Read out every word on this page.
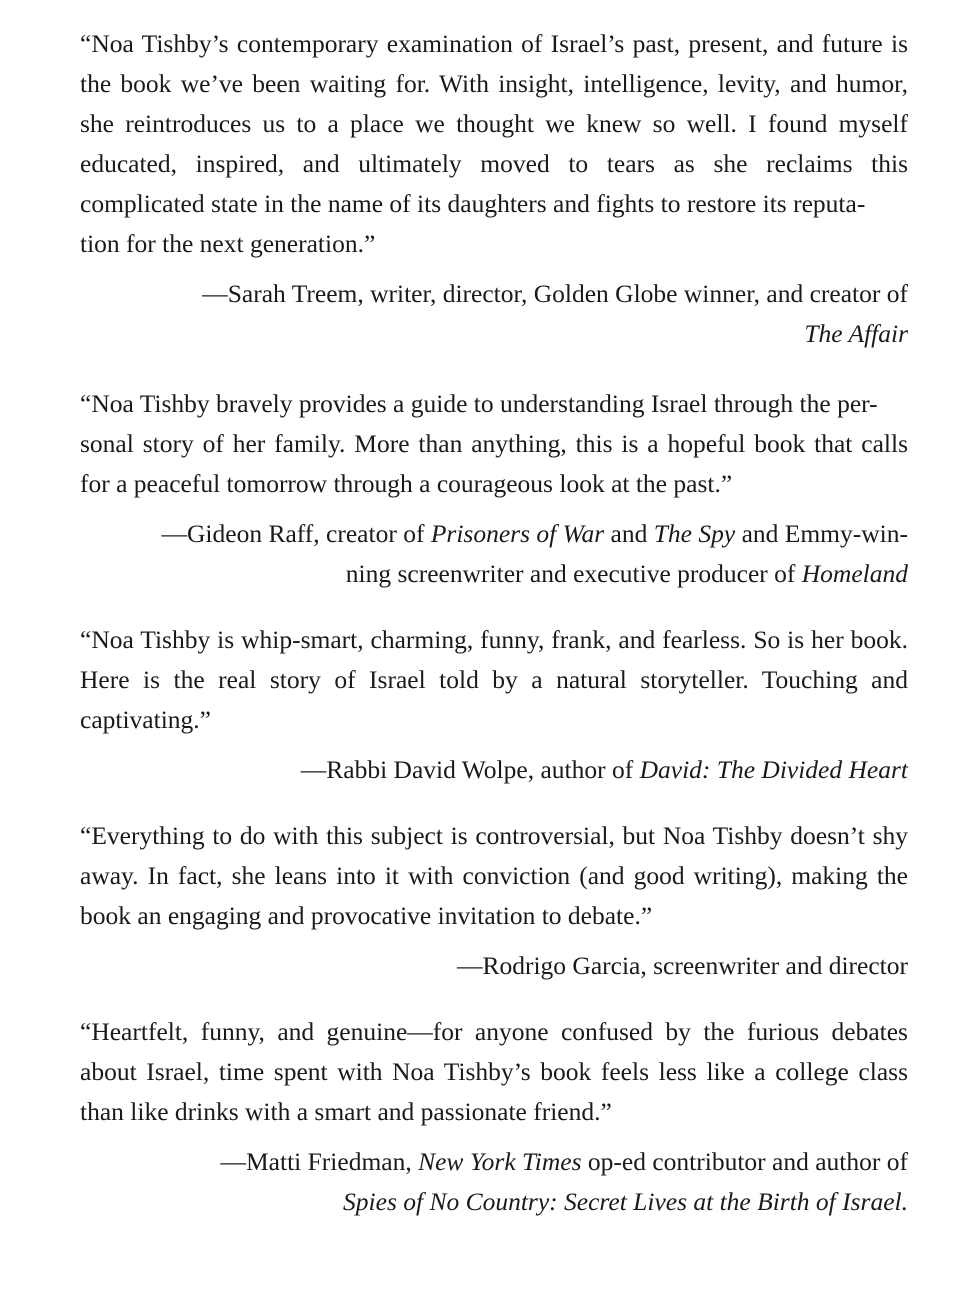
“Noa Tishby’s contemporary examination of Israel’s past, present, and future is the book we’ve been waiting for. With insight, intelligence, levity, and humor, she reintroduces us to a place we thought we knew so well. I found myself educated, inspired, and ultimately moved to tears as she reclaims this complicated state in the name of its daughters and fights to restore its reputa-
tion for the next generation.”

—Sarah Treem, writer, director, Golden Globe winner, and creator of
The Affair

“Noa Tishby bravely provides a guide to understanding Israel through the per-
sonal story of her family. More than anything, this is a hopeful book that calls for a peaceful tomorrow through a courageous look at the past.”

—Gideon Raff, creator of Prisoners of War and The Spy and Emmy-win-
ning screenwriter and executive producer of Homeland

“Noa Tishby is whip-smart, charming, funny, frank, and fearless. So is her book. Here is the real story of Israel told by a natural storyteller. Touching and captivating.”

—Rabbi David Wolpe, author of David: The Divided Heart

“Everything to do with this subject is controversial, but Noa Tishby doesn’t shy away. In fact, she leans into it with conviction (and good writing), making the book an engaging and provocative invitation to debate.”

—Rodrigo Garcia, screenwriter and director

“Heartfelt, funny, and genuine—for anyone confused by the furious debates about Israel, time spent with Noa Tishby’s book feels less like a college class than like drinks with a smart and passionate friend.”

—Matti Friedman, New York Times op-ed contributor and author of
Spies of No Country: Secret Lives at the Birth of Israel.
